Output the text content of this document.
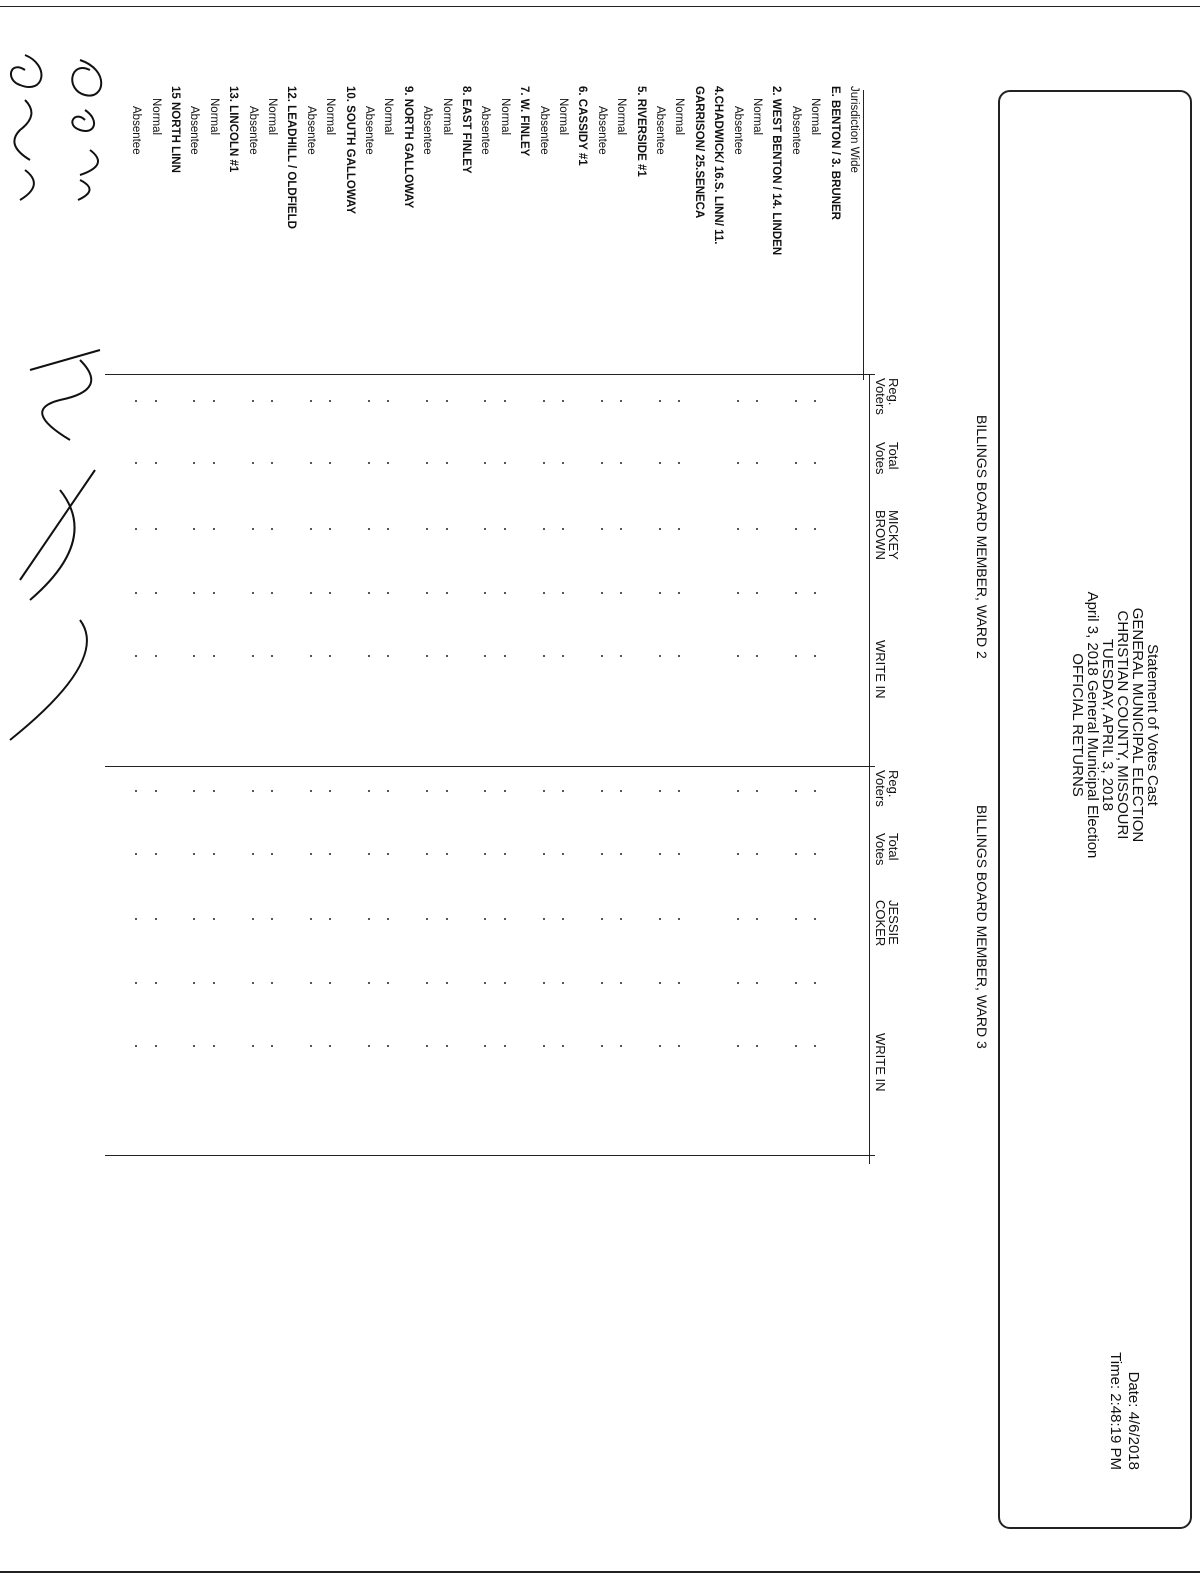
Statement of Votes Cast
GENERAL MUNICIPAL ELECTION
CHRISTIAN COUNTY, MISSOURI
TUESDAY, APRIL 3, 2018
April 3, 2018 General Municipal Election
OFFICIAL RETURNS
Date: 4/6/2018
Time: 2:48:19 PM
BILLINGS BOARD MEMBER, WARD 2
BILLINGS BOARD MEMBER, WARD 3
Reg.
Voters
Total
Votes
MICKEY
BROWN
WRITE IN
Reg.
Voters
Total
Votes
JESSIE
COKER
WRITE IN
Jurisdiction Wide
E. BENTON / 3. BRUNER
Normal
Absentee
2. WEST BENTON / 14. LINDEN
Normal
Absentee
4.CHADWICK/ 16.S. LINN/ 11.
GARRISON/ 25.SENECA
Normal
Absentee
5. RIVERSIDE #1
Normal
Absentee
6. CASSIDY #1
Normal
Absentee
7. W. FINLEY
Normal
Absentee
8. EAST FINLEY
Normal
Absentee
9. NORTH GALLOWAY
Normal
Absentee
10. SOUTH GALLOWAY
Normal
Absentee
12. LEADHILL / OLDFIELD
Normal
Absentee
13. LINCOLN #1
Normal
Absentee
15 NORTH LINN
Normal
Absentee
